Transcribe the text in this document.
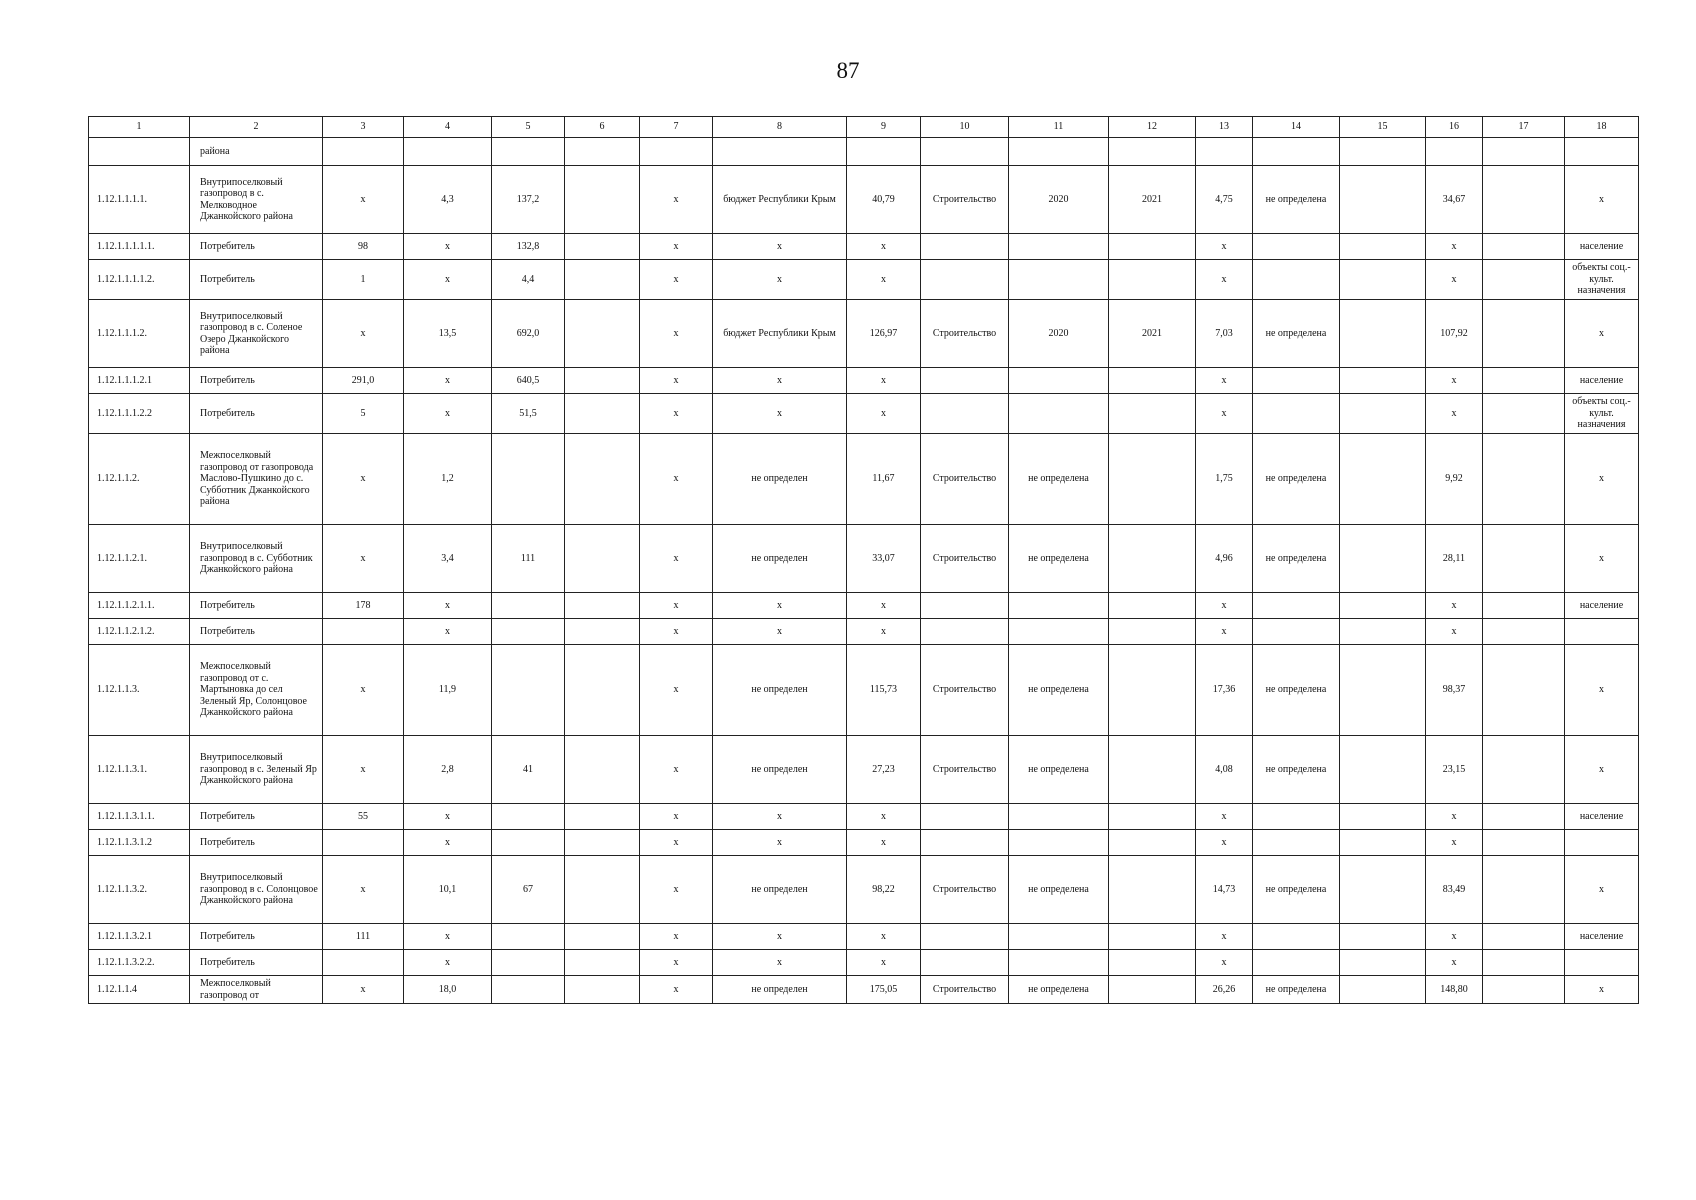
87
1	2	3	4	5	6	7	8	9	10	11	12	13	14	15	16	17	18
	района																
1.12.1.1.1.1.	Внутрипоселковый газопровод в с. Мелководное Джанкойского района	х	4,3	137,2		х	бюджет Республики Крым	40,79	Строительство	2020	2021	4,75	не определена		34,67		х
1.12.1.1.1.1.1.	Потребитель	98	х	132,8		х	х	х				х			х		население
1.12.1.1.1.1.2.	Потребитель	1	х	4,4		х	х	х				х			х		объекты соц.-культ. назначения
1.12.1.1.1.2.	Внутрипоселковый газопровод в с. Соленое Озеро Джанкойского района	х	13,5	692,0		х	бюджет Республики Крым	126,97	Строительство	2020	2021	7,03	не определена		107,92		х
1.12.1.1.1.2.1	Потребитель	291,0	х	640,5		х	х	х				х			х		население
1.12.1.1.1.2.2	Потребитель	5	х	51,5		х	х	х				х			х		объекты соц.-культ. назначения
1.12.1.1.2.	Межпоселковый газопровод от газопровода Маслово-Пушкино до с. Субботник Джанкойского района	х	1,2			х	не определен	11,67	Строительство	не определена		1,75	не определена		9,92		х
1.12.1.1.2.1.	Внутрипоселковый газопровод в с. Субботник Джанкойского района	х	3,4	111		х	не определен	33,07	Строительство	не определена		4,96	не определена		28,11		х
1.12.1.1.2.1.1.	Потребитель	178	х			х	х	х				х			х		население
1.12.1.1.2.1.2.	Потребитель		х			х	х	х				х			х		
1.12.1.1.3.	Межпоселковый газопровод от с. Мартыновка до сел Зеленый Яр, Солонцовое Джанкойского района	х	11,9			х	не определен	115,73	Строительство	не определена		17,36	не определена		98,37		х
1.12.1.1.3.1.	Внутрипоселковый газопровод в с. Зеленый Яр Джанкойского района	х	2,8	41		х	не определен	27,23	Строительство	не определена		4,08	не определена		23,15		х
1.12.1.1.3.1.1.	Потребитель	55	х			х	х	х				х			х		население
1.12.1.1.3.1.2	Потребитель		х			х	х	х				х			х		
1.12.1.1.3.2.	Внутрипоселковый газопровод в с. Солонцовое Джанкойского района	х	10,1	67		х	не определен	98,22	Строительство	не определена		14,73	не определена		83,49		х
1.12.1.1.3.2.1	Потребитель	111	х			х	х	х				х			х		население
1.12.1.1.3.2.2.	Потребитель		х			х	х	х				х			х		
1.12.1.1.4	Межпоселковый газопровод от	х	18,0			х	не определен	175,05	Строительство	не определена		26,26	не определена		148,80		х
